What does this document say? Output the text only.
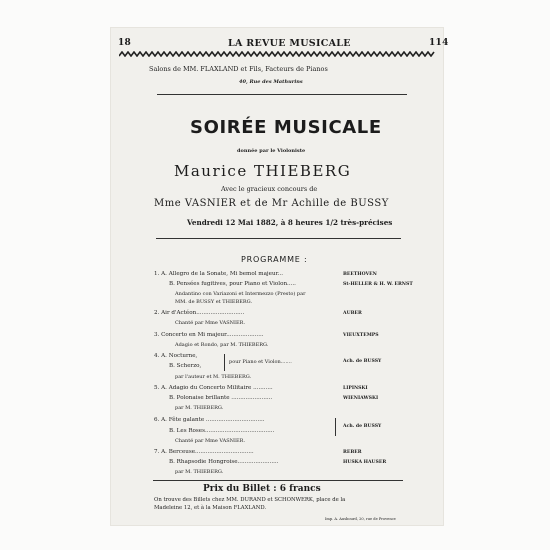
18	LA REVUE MUSICALE	114
Salons de MM. FLAXLAND et Fils, Facteurs de Pianos
40, Rue des Mathurins
SOIRÉE MUSICALE
donnée par le Violoniste
Maurice THIEBERG
Avec le gracieux concours de
Mme VASNIER et de Mr Achille de BUSSY
Vendredi 12 Mai 1882, à 8 heures 1/2 très-précises
PROGRAMME :
1. A. Allegro de la Sonate, Mi bemol majeur...	BEETHOVEN
B. Pensées fugitives, pour Piano et Violon.....	St-HELLER & H. W. ERNST
Andantino con Variazoni et Intermezzo (Presto) par
MM. de BUSSY et THIEBERG.
2. Air d'Actéon...........................	AUBER
Chanté par Mme VASNIER.
3. Concerto en Mi majeur.....................	VIEUXTEMPS
Adagio et Rondo, par M. THIEBERG.
4. A. Nocturne,
B. Scherzo,
pour Piano et Violon.......	Ach. de BUSSY
par l'auteur et M. THIEBERG.
5. A. Adagio du Concerto Militaire ...........	LIPINSKI
B. Polonaise brillante .......................	WIENIAWSKI
par M. THIEBERG.
6. A. Fête galante .................................
B. Les Roses.......................................
Ach. de BUSSY
Chanté par Mme VASNIER.
7. A. Berceuse.................................	REBER
B. Rhapsodie Hongroise.......................	HUSKA HAUSER
par M. THIEBERG.
Prix du Billet : 6 francs
On trouve des Billets chez MM. DURAND et SCHONWERK, place de la
Madeleine 12, et à la Maison FLAXLAND.
Imp. A. Ausbourd, 20, rue de Provence
